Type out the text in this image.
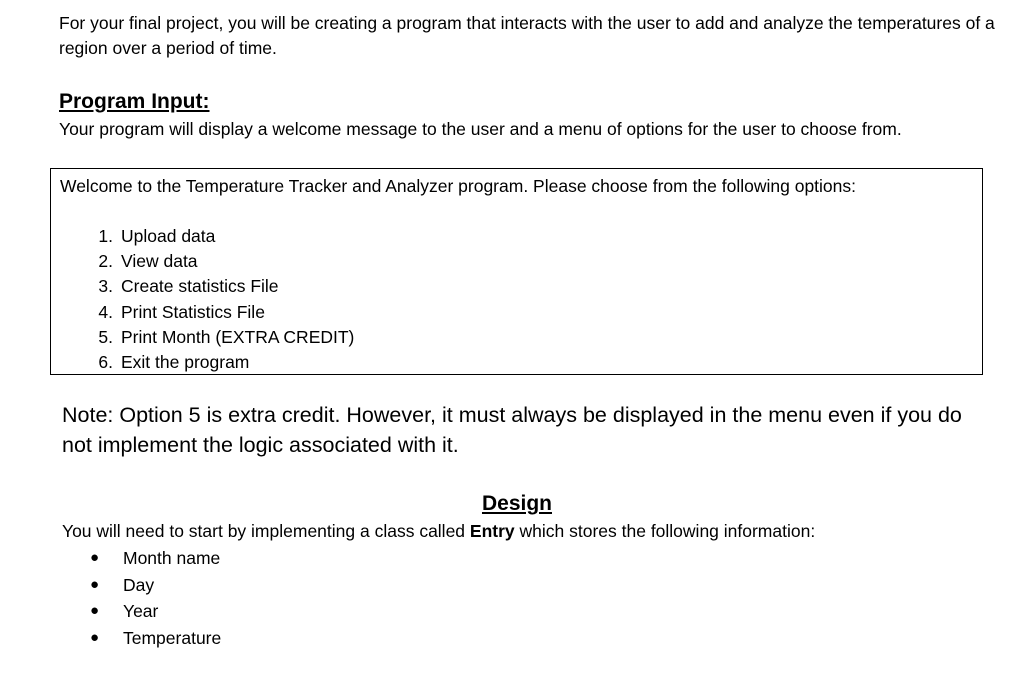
For your final project, you will be creating a program that interacts with the user to add and analyze the temperatures of a region over a period of time.

Program Input:

Your program will display a welcome message to the user and a menu of options for the user to choose from.

Welcome to the Temperature Tracker and Analyzer program. Please choose from the following options:

1. Upload data
2. View data
3. Create statistics File
4. Print Statistics File
5. Print Month (EXTRA CREDIT)
6. Exit the program

Note: Option 5 is extra credit. However, it must always be displayed in the menu even if you do not implement the logic associated with it.

Design

You will need to start by implementing a class called Entry which stores the following information:

● Month name
● Day
● Year
● Temperature
